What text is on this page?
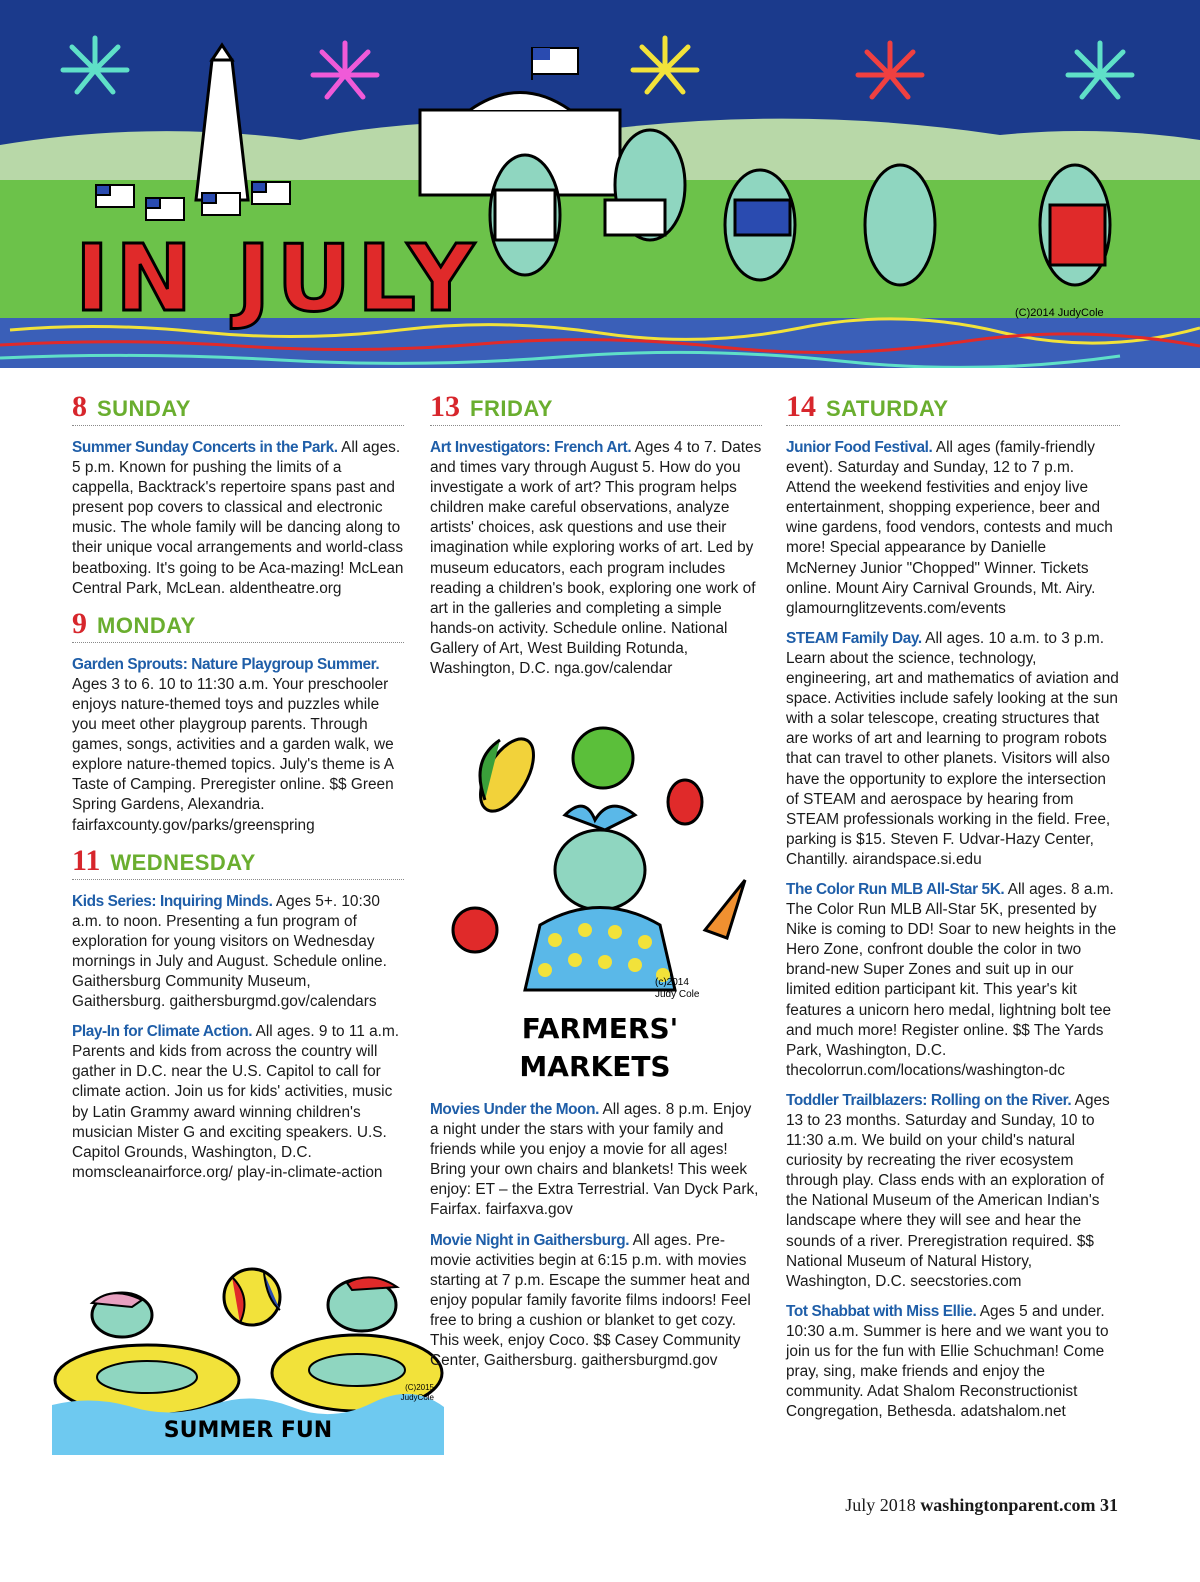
IN JULY	(C)2014 JudyCole
8 SUNDAY

Summer Sunday Concerts in the Park. All ages. 5 p.m. Known for pushing the limits of a cappella, Backtrack's repertoire spans past and present pop covers to classical and electronic music. The whole family will be dancing along to their unique vocal arrangements and world-class beatboxing. It's going to be Aca-mazing! McLean Central Park, McLean. aldentheatre.org

9 MONDAY

Garden Sprouts: Nature Playgroup Summer. Ages 3 to 6. 10 to 11:30 a.m. Your preschooler enjoys nature-themed toys and puzzles while you meet other playgroup parents. Through games, songs, activities and a garden walk, we explore nature-themed topics. July's theme is A Taste of Camping. Preregister online. $$ Green Spring Gardens, Alexandria. fairfaxcounty.gov/parks/greenspring

11 WEDNESDAY

Kids Series: Inquiring Minds. Ages 5+. 10:30 a.m. to noon. Presenting a fun program of exploration for young visitors on Wednesday mornings in July and August. Schedule online. Gaithersburg Community Museum, Gaithersburg. gaithersburgmd.gov/calendars

Play-In for Climate Action. All ages. 9 to 11 a.m. Parents and kids from across the country will gather in D.C. near the U.S. Capitol to call for climate action. Join us for kids' activities, music by Latin Grammy award winning children's musician Mister G and exciting speakers. U.S. Capitol Grounds, Washington, D.C. momscleanairforce.org/ play-in-climate-action

SUMMER FUN
(C)2015
JudyCole
13 FRIDAY

Art Investigators: French Art. Ages 4 to 7. Dates and times vary through August 5. How do you investigate a work of art? This program helps children make careful observations, analyze artists' choices, ask questions and use their imagination while exploring works of art. Led by museum educators, each program includes reading a children's book, exploring one work of art in the galleries and completing a simple hands-on activity. Schedule online. National Gallery of Art, West Building Rotunda, Washington, D.C. nga.gov/calendar

FARMERS'
MARKETS
(c)2014
Judy Cole

Movies Under the Moon. All ages. 8 p.m. Enjoy a night under the stars with your family and friends while you enjoy a movie for all ages! Bring your own chairs and blankets! This week enjoy: ET – the Extra Terrestrial. Van Dyck Park, Fairfax. fairfaxva.gov

Movie Night in Gaithersburg. All ages. Pre-movie activities begin at 6:15 p.m. with movies starting at 7 p.m. Escape the summer heat and enjoy popular family favorite films indoors! Feel free to bring a cushion or blanket to get cozy. This week, enjoy Coco. $$ Casey Community Center, Gaithersburg. gaithersburgmd.gov

14 SATURDAY

Junior Food Festival. All ages (family-friendly event). Saturday and Sunday, 12 to 7 p.m. Attend the weekend festivities and enjoy live entertainment, shopping experience, beer and wine gardens, food vendors, contests and much more! Special appearance by Danielle McNerney Junior "Chopped" Winner. Tickets online. Mount Airy Carnival Grounds, Mt. Airy. glamournglitzevents.com/events

STEAM Family Day. All ages. 10 a.m. to 3 p.m. Learn about the science, technology, engineering, art and mathematics of aviation and space. Activities include safely looking at the sun with a solar telescope, creating structures that are works of art and learning to program robots that can travel to other planets. Visitors will also have the opportunity to explore the intersection of STEAM and aerospace by hearing from STEAM professionals working in the field. Free, parking is $15. Steven F. Udvar-Hazy Center, Chantilly. airandspace.si.edu

The Color Run MLB All-Star 5K. All ages. 8 a.m. The Color Run MLB All-Star 5K, presented by Nike is coming to DD! Soar to new heights in the Hero Zone, confront double the color in two brand-new Super Zones and suit up in our limited edition participant kit. This year's kit features a unicorn hero medal, lightning bolt tee and much more! Register online. $$ The Yards Park, Washington, D.C. thecolorrun.com/locations/washington-dc

Toddler Trailblazers: Rolling on the River. Ages 13 to 23 months. Saturday and Sunday, 10 to 11:30 a.m. We build on your child's natural curiosity by recreating the river ecosystem through play. Class ends with an exploration of the National Museum of the American Indian's landscape where they will see and hear the sounds of a river. Preregistration required. $$ National Museum of Natural History, Washington, D.C. seecstories.com

Tot Shabbat with Miss Ellie. Ages 5 and under. 10:30 a.m. Summer is here and we want you to join us for the fun with Ellie Schuchman! Come pray, sing, make friends and enjoy the community. Adat Shalom Reconstructionist Congregation, Bethesda. adatshalom.net

July 2018 washingtonparent.com 31
